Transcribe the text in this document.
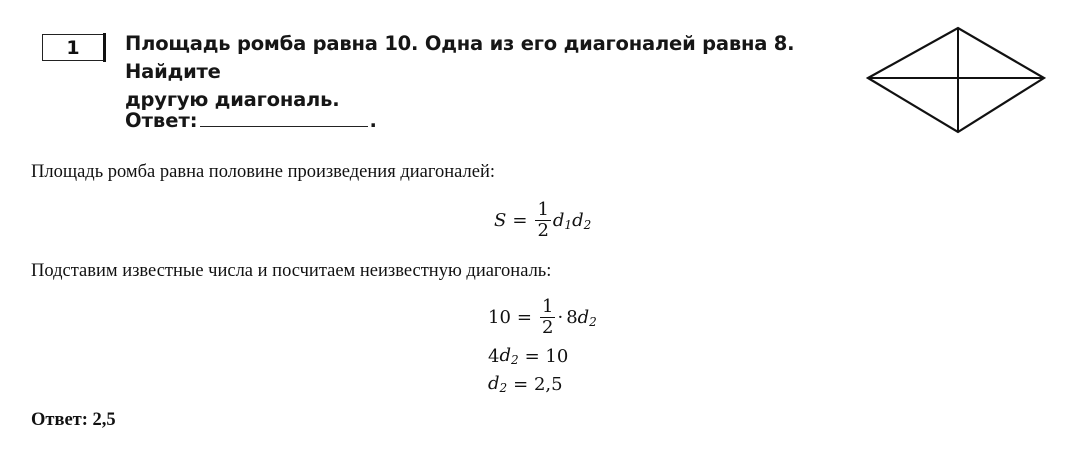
1 Площадь ромба равна 10. Одна из его диагоналей равна 8. Найдите
другую диагональ.
Ответ:	.
Площадь ромба равна половине произведения диагоналей:
$S = \frac{1}{2} d_1$ $d_2$
Подставим известные числа и посчитаем неизвестную диагональ:
$10 = \frac{1}{2} \cdot 8$ $d_2$
4 $d_2 = 10$
$d_2 = 2,5$
Ответ: 2,5
